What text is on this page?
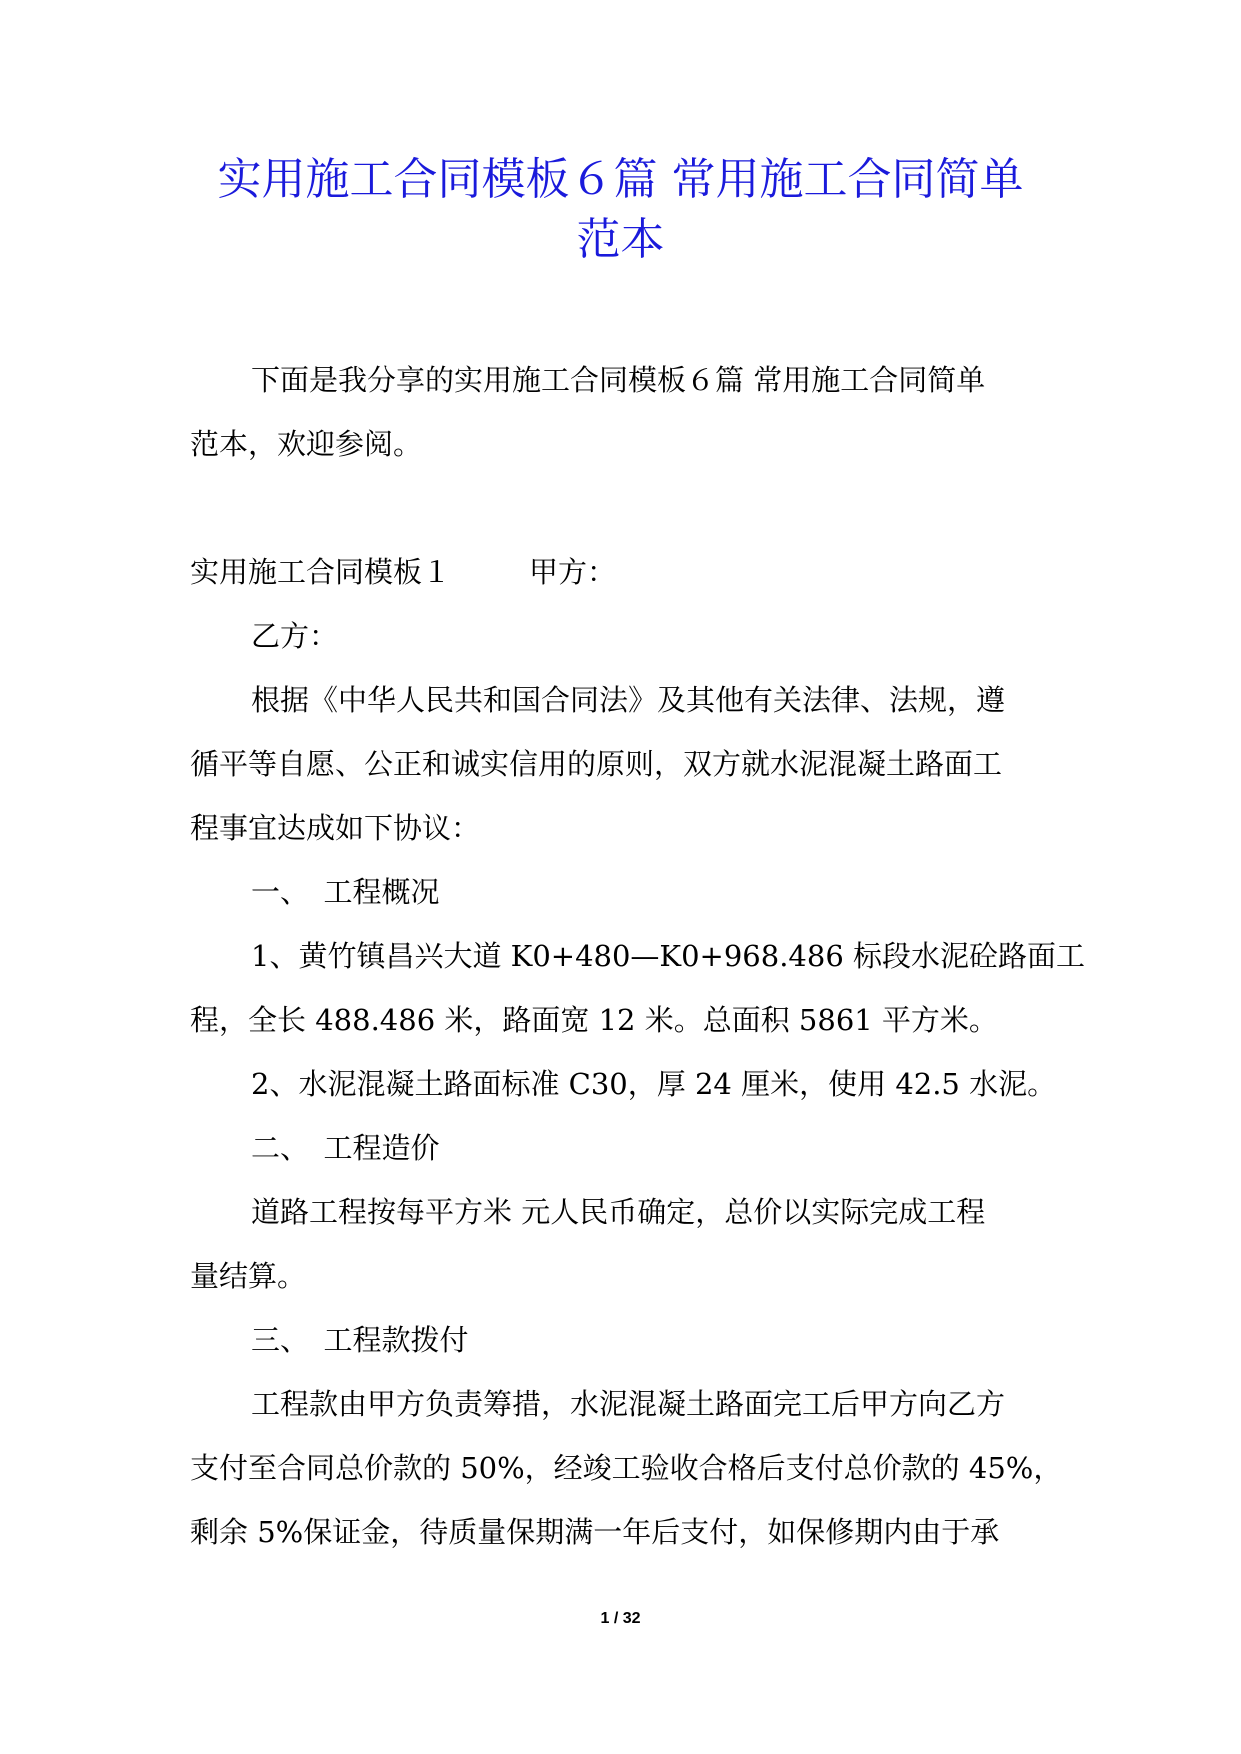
实用施工合同模板６篇 常用施工合同简单
范本
下面是我分享的实用施工合同模板６篇 常用施工合同简单
范本，欢迎参阅。
实用施工合同模板１	甲方：
乙方：
根据《中华人民共和国合同法》及其他有关法律、法规，遵
循平等自愿、公正和诚实信用的原则，双方就水泥混凝土路面工
程事宜达成如下协议：
一、　工程概况
1、黄竹镇昌兴大道 K0+480—K0+968.486 标段水泥砼路面工
程，全长 488.486 米，路面宽 12 米。总面积 5861 平方米。
2、水泥混凝土路面标准 C30，厚 24 厘米，使用 42.5 水泥。
二、　工程造价
道路工程按每平方米 元人民币确定，总价以实际完成工程
量结算。
三、　工程款拨付
工程款由甲方负责筹措，水泥混凝土路面完工后甲方向乙方
支付至合同总价款的 50%，经竣工验收合格后支付总价款的 45%，
剩余 5%保证金，待质量保期满一年后支付，如保修期内由于承
1 / 32
